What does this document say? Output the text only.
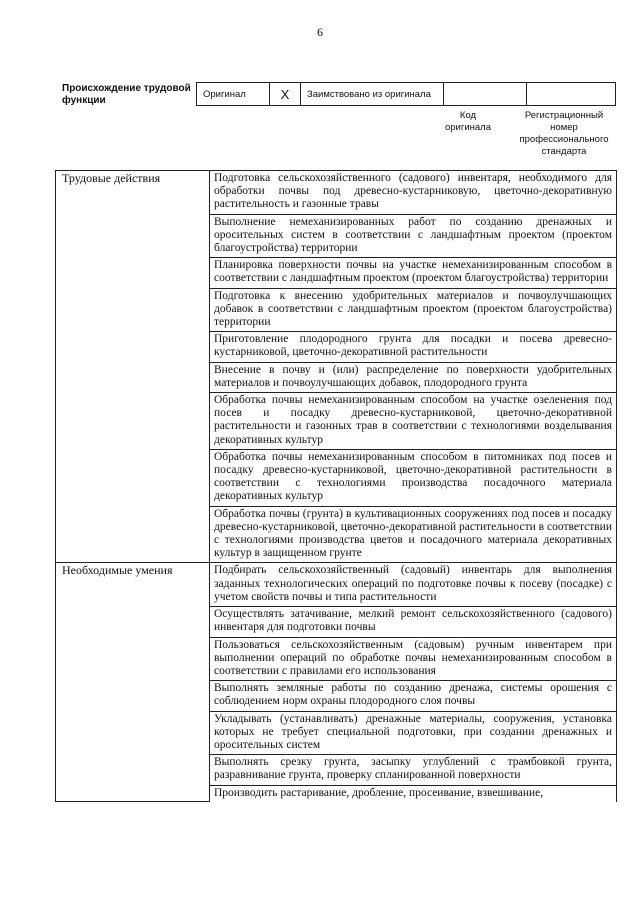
6
Происхождение трудовой функции
Оригинал	X	Заимствовано из оригинала		
Код оригинала
Регистрационный номер профессионального стандарта
Трудовые действия	Подготовка сельскохозяйственного (садового) инвентаря, необходимого для обработки почвы под древесно-кустарниковую, цветочно-декоративную растительность и газонные травы
	Выполнение немеханизированных работ по созданию дренажных и оросительных систем в соответствии с ландшафтным проектом (проектом благоустройства) территории
	Планировка поверхности почвы на участке немеханизированным способом в соответствии с ландшафтным проектом (проектом благоустройства) территории
	Подготовка к внесению удобрительных материалов и почвоулучшающих добавок в соответствии с ландшафтным проектом (проектом благоустройства) территории
	Приготовление плодородного грунта для посадки и посева древесно-кустарниковой, цветочно-декоративной растительности
	Внесение в почву и (или) распределение по поверхности удобрительных материалов и почвоулучшающих добавок, плодородного грунта
	Обработка почвы немеханизированным способом на участке озеленения под посев и посадку древесно-кустарниковой, цветочно-декоративной растительности и газонных трав в соответствии с технологиями возделывания декоративных культур
	Обработка почвы немеханизированным способом в питомниках под посев и посадку древесно-кустарниковой, цветочно-декоративной растительности в соответствии с технологиями производства посадочного материала декоративных культур
	Обработка почвы (грунта) в культивационных сооружениях под посев и посадку древесно-кустарниковой, цветочно-декоративной растительности в соответствии с технологиями производства цветов и посадочного материала декоративных культур в защищенном грунте
Необходимые умения	Подбирать сельскохозяйственный (садовый) инвентарь для выполнения заданных технологических операций по подготовке почвы к посеву (посадке) с учетом свойств почвы и типа растительности
	Осуществлять затачивание, мелкий ремонт сельскохозяйственного (садового) инвентаря для подготовки почвы
	Пользоваться сельскохозяйственным (садовым) ручным инвентарем при выполнении операций по обработке почвы немеханизированным способом в соответствии с правилами его использования
	Выполнять земляные работы по созданию дренажа, системы орошения с соблюдением норм охраны плодородного слоя почвы
	Укладывать (устанавливать) дренажные материалы, сооружения, установка которых не требует специальной подготовки, при создании дренажных и оросительных систем
	Выполнять срезку грунта, засыпку углублений с трамбовкой грунта, разравнивание грунта, проверку спланированной поверхности
	Производить растаривание, дробление, просеивание, взвешивание,
